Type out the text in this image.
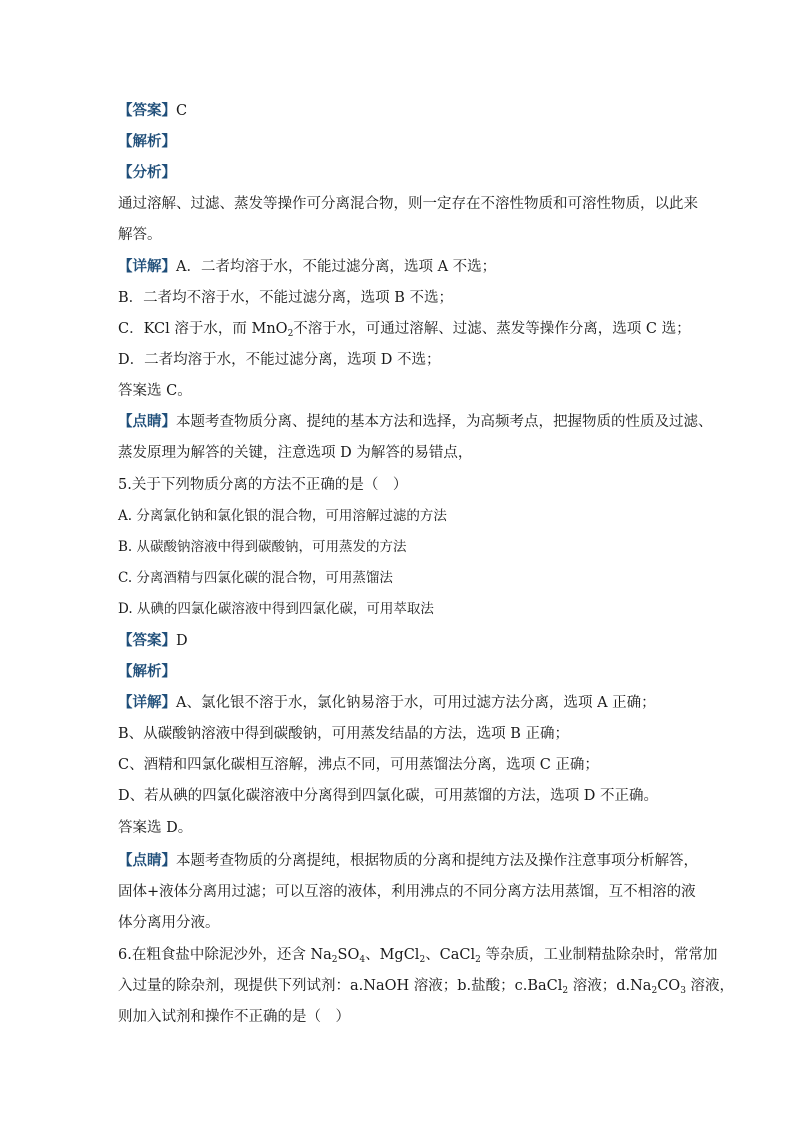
【答案】C
【解析】
【分析】
通过溶解、过滤、蒸发等操作可分离混合物，则一定存在不溶性物质和可溶性物质，以此来
解答。
【详解】A．二者均溶于水，不能过滤分离，选项 A 不选；
B．二者均不溶于水，不能过滤分离，选项 B 不选；
C．KCl 溶于水，而 MnO$_2$不溶于水，可通过溶解、过滤、蒸发等操作分离，选项 C 选；
D．二者均溶于水，不能过滤分离，选项 D 不选；
答案选 C。
【点睛】本题考查物质分离、提纯的基本方法和选择，为高频考点，把握物质的性质及过滤、
蒸发原理为解答的关键，注意选项 D 为解答的易错点，
5.关于下列物质分离的方法不正确的是（　）
A. 分离氯化钠和氯化银的混合物，可用溶解过滤的方法
B. 从碳酸钠溶液中得到碳酸钠，可用蒸发的方法
C. 分离酒精与四氯化碳的混合物，可用蒸馏法
D. 从碘的四氯化碳溶液中得到四氯化碳，可用萃取法
【答案】D
【解析】
【详解】A、氯化银不溶于水，氯化钠易溶于水，可用过滤方法分离，选项 A 正确；
B、从碳酸钠溶液中得到碳酸钠，可用蒸发结晶的方法，选项 B 正确；
C、酒精和四氯化碳相互溶解，沸点不同，可用蒸馏法分离，选项 C 正确；
D、若从碘的四氯化碳溶液中分离得到四氯化碳，可用蒸馏的方法，选项 D 不正确。
答案选 D。
【点睛】本题考查物质的分离提纯，根据物质的分离和提纯方法及操作注意事项分析解答，
固体+液体分离用过滤；可以互溶的液体，利用沸点的不同分离方法用蒸馏，互不相溶的液
体分离用分液。
6.在粗食盐中除泥沙外，还含 $Na_2SO_4$、MgCl$_2$、CaCl$_2$ 等杂质，工业制精盐除杂时，常常加
入过量的除杂剂，现提供下列试剂：a.NaOH 溶液；b.盐酸；c.BaCl$_2$ 溶液；$d.Na_2CO_3$ 溶液，
则加入试剂和操作不正确的是（　）
